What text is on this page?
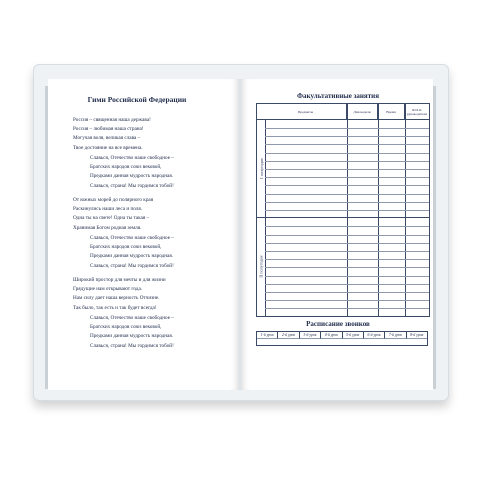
Гимн Российской Федерации
Россия – священная наша держава!
Россия – любимая наша страна!
Могучая воля, великая слава –
Твое достояние на все времена.
Славься, Отечество наше свободное –
Братских народов союз вековой,
Предками данная мудрость народная.
Славься, страна! Мы гордимся тобой!
От южных морей до полярного края
Раскинулись наши леса и поля.
Одна ты на свете! Одна ты такая –
Хранимая Богом родная земля.
Славься, Отечество наше свободное –
Братских народов союз вековой,
Предками данная мудрость народная.
Славься, страна! Мы гордимся тобой!
Широкий простор для мечты и для жизни
Грядущие нам открывают года.
Нам силу дает наша верность Отчизне.
Так было, так есть и так будет всегда!
Славься, Отечество наше свободное –
Братских народов союз вековой,
Предками данная мудрость народная.
Славься, страна! Мы гордимся тобой!
Факультативные занятия
Предметы	Дни недели	Время	Ф.И.О. руководителя
I полугодие
II полугодие
Расписание звонков
1-й урок	2-й урок	3-й урок	4-й урок	5-й урок	6-й урок	7-й урок	8-й урок
